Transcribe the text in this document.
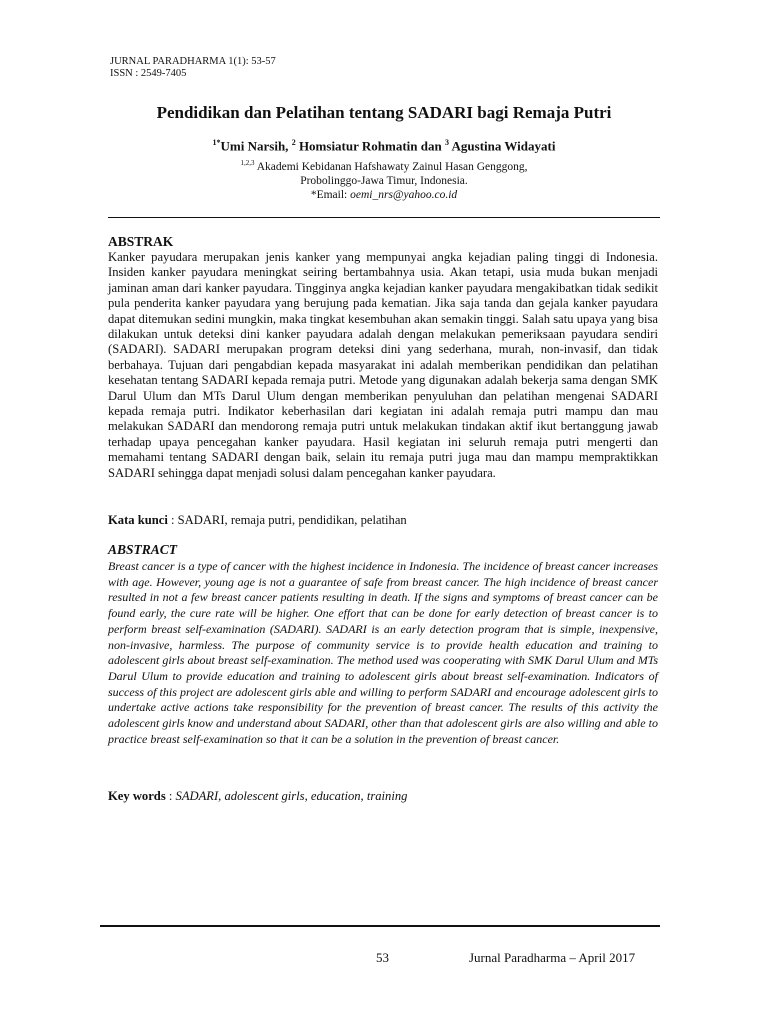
JURNAL PARADHARMA 1(1): 53-57
ISSN : 2549-7405
Pendidikan dan Pelatihan tentang SADARI bagi Remaja Putri
$^{1*}$Umi Narsih, $^2$ Homsiatur Rohmatin dan $^3$ Agustina Widayati
$^{1,2,3}$ Akademi Kebidanan Hafshawaty Zainul Hasan Genggong,
Probolinggo-Jawa Timur, Indonesia.
*Email: oemi_nrs@yahoo.co.id
ABSTRAK
Kanker payudara merupakan jenis kanker yang mempunyai angka kejadian paling tinggi di Indonesia. Insiden kanker payudara meningkat seiring bertambahnya usia. Akan tetapi, usia muda bukan menjadi jaminan aman dari kanker payudara. Tingginya angka kejadian kanker payudara mengakibatkan tidak sedikit pula penderita kanker payudara yang berujung pada kematian. Jika saja tanda dan gejala kanker payudara dapat ditemukan sedini mungkin, maka tingkat kesembuhan akan semakin tinggi. Salah satu upaya yang bisa dilakukan untuk deteksi dini kanker payudara adalah dengan melakukan pemeriksaan payudara sendiri (SADARI). SADARI merupakan program deteksi dini yang sederhana, murah, non-invasif, dan tidak berbahaya. Tujuan dari pengabdian kepada masyarakat ini adalah memberikan pendidikan dan pelatihan kesehatan tentang SADARI kepada remaja putri. Metode yang digunakan adalah bekerja sama dengan SMK Darul Ulum dan MTs Darul Ulum dengan memberikan penyuluhan dan pelatihan mengenai SADARI kepada remaja putri. Indikator keberhasilan dari kegiatan ini adalah remaja putri mampu dan mau melakukan SADARI dan mendorong remaja putri untuk melakukan tindakan aktif ikut bertanggung jawab terhadap upaya pencegahan kanker payudara. Hasil kegiatan ini seluruh remaja putri mengerti dan memahami tentang SADARI dengan baik, selain itu remaja putri juga mau dan mampu mempraktikkan SADARI sehingga dapat menjadi solusi dalam pencegahan kanker payudara.
Kata kunci : SADARI, remaja putri, pendidikan, pelatihan
ABSTRACT
Breast cancer is a type of cancer with the highest incidence in Indonesia. The incidence of breast cancer increases with age. However, young age is not a guarantee of safe from breast cancer. The high incidence of breast cancer resulted in not a few breast cancer patients resulting in death. If the signs and symptoms of breast cancer can be found early, the cure rate will be higher. One effort that can be done for early detection of breast cancer is to perform breast self-examination (SADARI). SADARI is an early detection program that is simple, inexpensive, non-invasive, harmless. The purpose of community service is to provide health education and training to adolescent girls about breast self-examination. The method used was cooperating with SMK Darul Ulum and MTs Darul Ulum to provide education and training to adolescent girls about breast self-examination. Indicators of success of this project are adolescent girls able and willing to perform SADARI and encourage adolescent girls to undertake active actions take responsibility for the prevention of breast cancer. The results of this activity the adolescent girls know and understand about SADARI, other than that adolescent girls are also willing and able to practice breast self-examination so that it can be a solution in the prevention of breast cancer.
Key words : SADARI, adolescent girls, education, training
53	Jurnal Paradharma – April 2017
